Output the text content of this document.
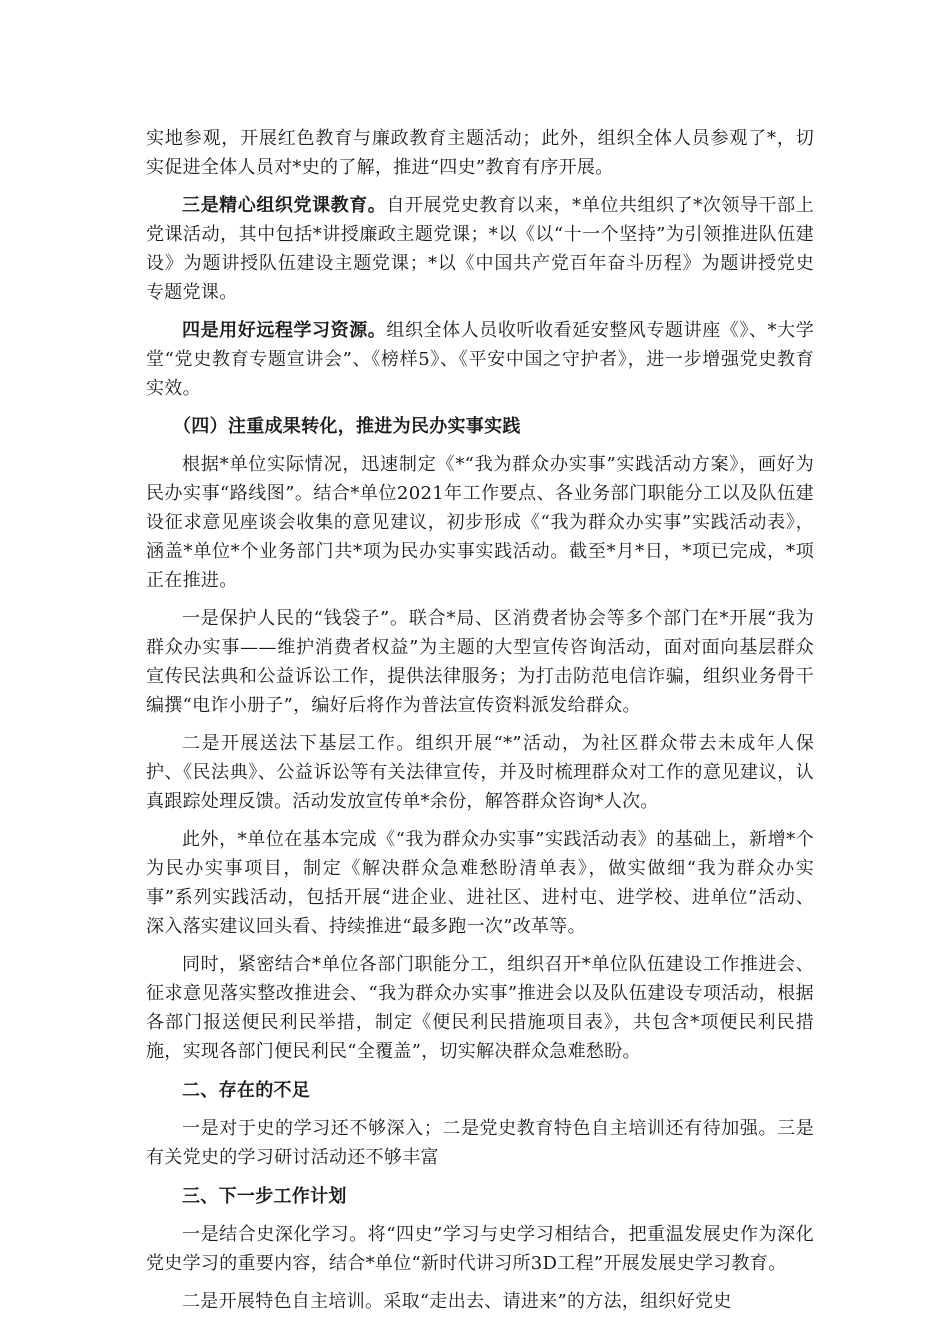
实地参观，开展红色教育与廉政教育主题活动；此外，组织全体人员参观了*，切实促进全体人员对*史的了解，推进“四史”教育有序开展。

三是精心组织党课教育。自开展党史教育以来，*单位共组织了*次领导干部上党课活动，其中包括*讲授廉政主题党课；*以《以“十一个坚持”为引领推进队伍建设》为题讲授队伍建设主题党课；*以《中国共产党百年奋斗历程》为题讲授党史专题党课。

四是用好远程学习资源。组织全体人员收听收看延安整风专题讲座《》、*大学堂“党史教育专题宣讲会”、《榜样5》、《平安中国之守护者》，进一步增强党史教育实效。

（四）注重成果转化，推进为民办实事实践

根据*单位实际情况，迅速制定《*“我为群众办实事”实践活动方案》，画好为民办实事“路线图”。结合*单位2021年工作要点、各业务部门职能分工以及队伍建设征求意见座谈会收集的意见建议，初步形成《“我为群众办实事”实践活动表》，涵盖*单位*个业务部门共*项为民办实事实践活动。截至*月*日，*项已完成，*项正在推进。

一是保护人民的“钱袋子”。联合*局、区消费者协会等多个部门在*开展“我为群众办实事——维护消费者权益”为主题的大型宣传咨询活动，面对面向基层群众宣传民法典和公益诉讼工作，提供法律服务；为打击防范电信诈骗，组织业务骨干编撰“电诈小册子”，编好后将作为普法宣传资料派发给群众。

二是开展送法下基层工作。组织开展“*”活动，为社区群众带去未成年人保护、《民法典》、公益诉讼等有关法律宣传，并及时梳理群众对工作的意见建议，认真跟踪处理反馈。活动发放宣传单*余份，解答群众咨询*人次。

此外，*单位在基本完成《“我为群众办实事”实践活动表》的基础上，新增*个为民办实事项目，制定《解决群众急难愁盼清单表》，做实做细“我为群众办实事”系列实践活动，包括开展“进企业、进社区、进村屯、进学校、进单位”活动、深入落实建议回头看、持续推进“最多跑一次”改革等。

同时，紧密结合*单位各部门职能分工，组织召开*单位队伍建设工作推进会、征求意见落实整改推进会、“我为群众办实事”推进会以及队伍建设专项活动，根据各部门报送便民利民举措，制定《便民利民措施项目表》，共包含*项便民利民措施，实现各部门便民利民“全覆盖”，切实解决群众急难愁盼。

二、存在的不足

一是对于史的学习还不够深入；二是党史教育特色自主培训还有待加强。三是有关党史的学习研讨活动还不够丰富

三、下一步工作计划

一是结合史深化学习。将“四史”学习与史学习相结合，把重温发展史作为深化党史学习的重要内容，结合*单位“新时代讲习所3D工程”开展发展史学习教育。

二是开展特色自主培训。采取“走出去、请进来”的方法，组织好党史
